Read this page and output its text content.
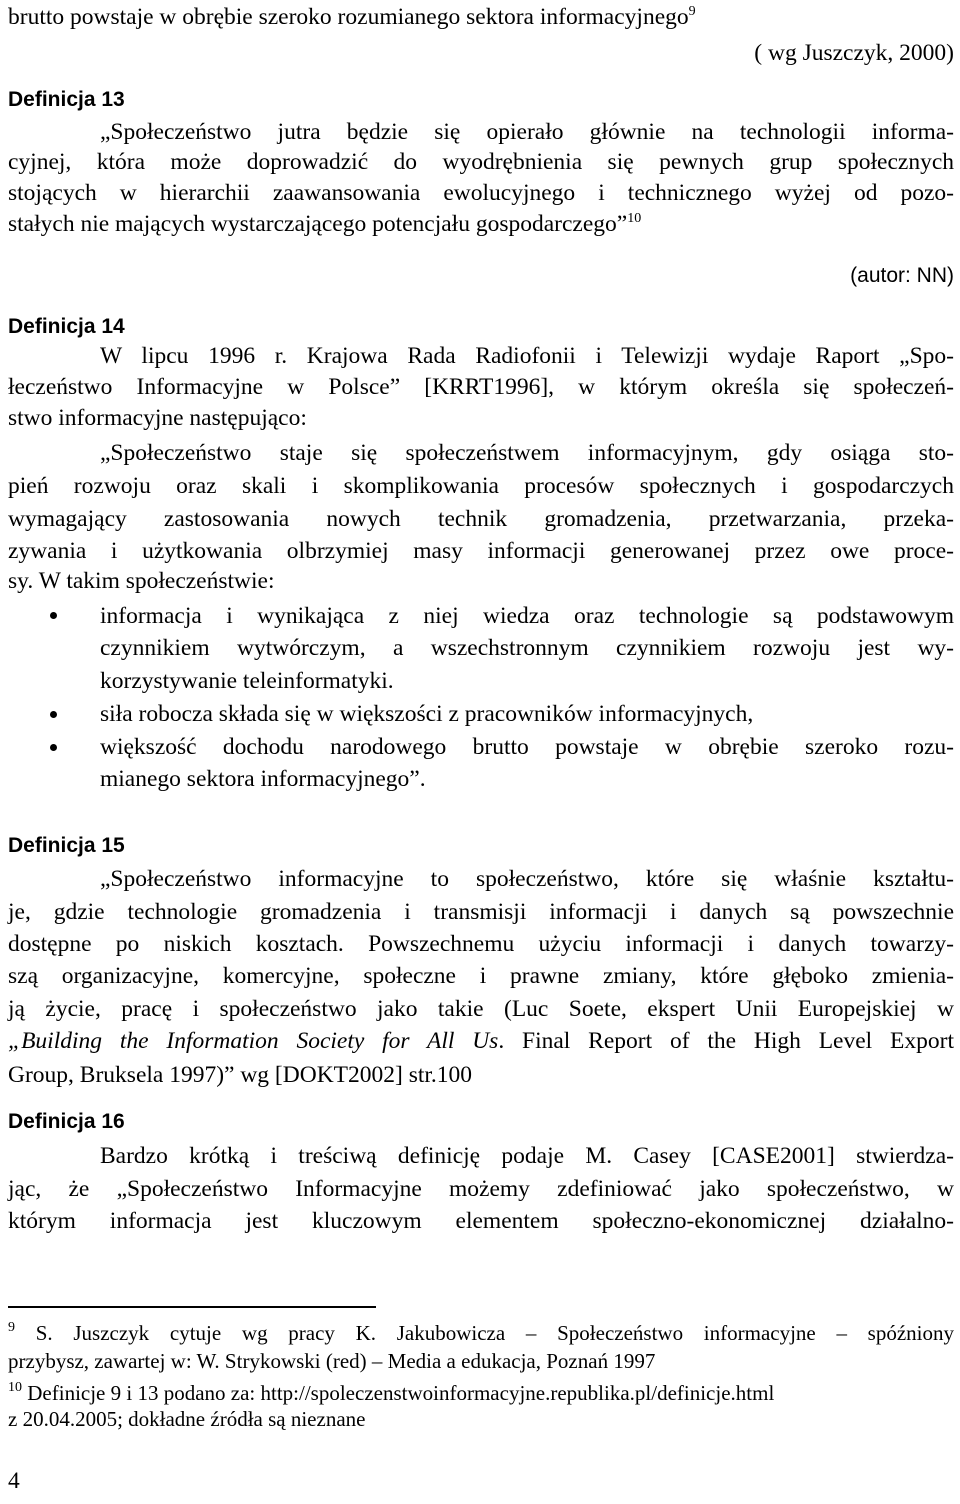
brutto powstaje w obrębie szeroko rozumianego sektora informacyjnego$^9$
( wg Juszczyk, 2000)
Definicja 13
„Społeczeństwo jutra będzie się opierało głównie na technologii informa-
cyjnej, która może doprowadzić do wyodrębnienia się pewnych grup społecznych
stojących w hierarchii zaawansowania ewolucyjnego i technicznego wyżej od pozo-
stałych nie mających wystarczającego potencjału gospodarczego”$^{10}$
(autor: NN)
Definicja 14
W lipcu 1996 r. Krajowa Rada Radiofonii i Telewizji wydaje Raport „Spo-
łeczeństwo Informacyjne w Polsce” [KRRT1996], w którym określa się społeczeń-
stwo informacyjne następująco:
„Społeczeństwo staje się społeczeństwem informacyjnym, gdy osiąga sto-
pień rozwoju oraz skali i skomplikowania procesów społecznych i gospodarczych
wymagający zastosowania nowych technik gromadzenia, przetwarzania, przeka-
zywania i użytkowania olbrzymiej masy informacji generowanej przez owe proce-
sy. W takim społeczeństwie:
informacja i wynikająca z niej wiedza oraz technologie są podstawowym
czynnikiem wytwórczym, a wszechstronnym czynnikiem rozwoju jest wy-
korzystywanie teleinformatyki.
siła robocza składa się w większości z pracowników informacyjnych,
większość dochodu narodowego brutto powstaje w obrębie szeroko rozu-
mianego sektora informacyjnego”.
Definicja 15
„Społeczeństwo informacyjne to społeczeństwo, które się właśnie kształtu-
je, gdzie technologie gromadzenia i transmisji informacji i danych są powszechnie
dostępne po niskich kosztach. Powszechnemu użyciu informacji i danych towarzy-
szą organizacyjne, komercyjne, społeczne i prawne zmiany, które głęboko zmienia-
ją życie, pracę i społeczeństwo jako takie (Luc Soete, ekspert Unii Europejskiej w
„Building the Information Society for All Us. Final Report of the High Level Export
Group, Bruksela 1997)” wg [DOKT2002] str.100
Definicja 16
Bardzo krótką i treściwą definicję podaje M. Casey [CASE2001] stwierdza-
jąc, że „Społeczeństwo Informacyjne możemy zdefiniować jako społeczeństwo, w
którym informacja jest kluczowym elementem społeczno-ekonomicznej działalno-
$^9$ S. Juszczyk cytuje wg pracy K. Jakubowicza – Społeczeństwo informacyjne – spóźniony
przybysz, zawartej w: W. Strykowski (red) – Media a edukacja, Poznań 1997
$^{10}$ Definicje 9 i 13 podano za: http://spoleczenstwoinformacyjne.republika.pl/definicje.html
z 20.04.2005; dokładne źródła są nieznane
4
